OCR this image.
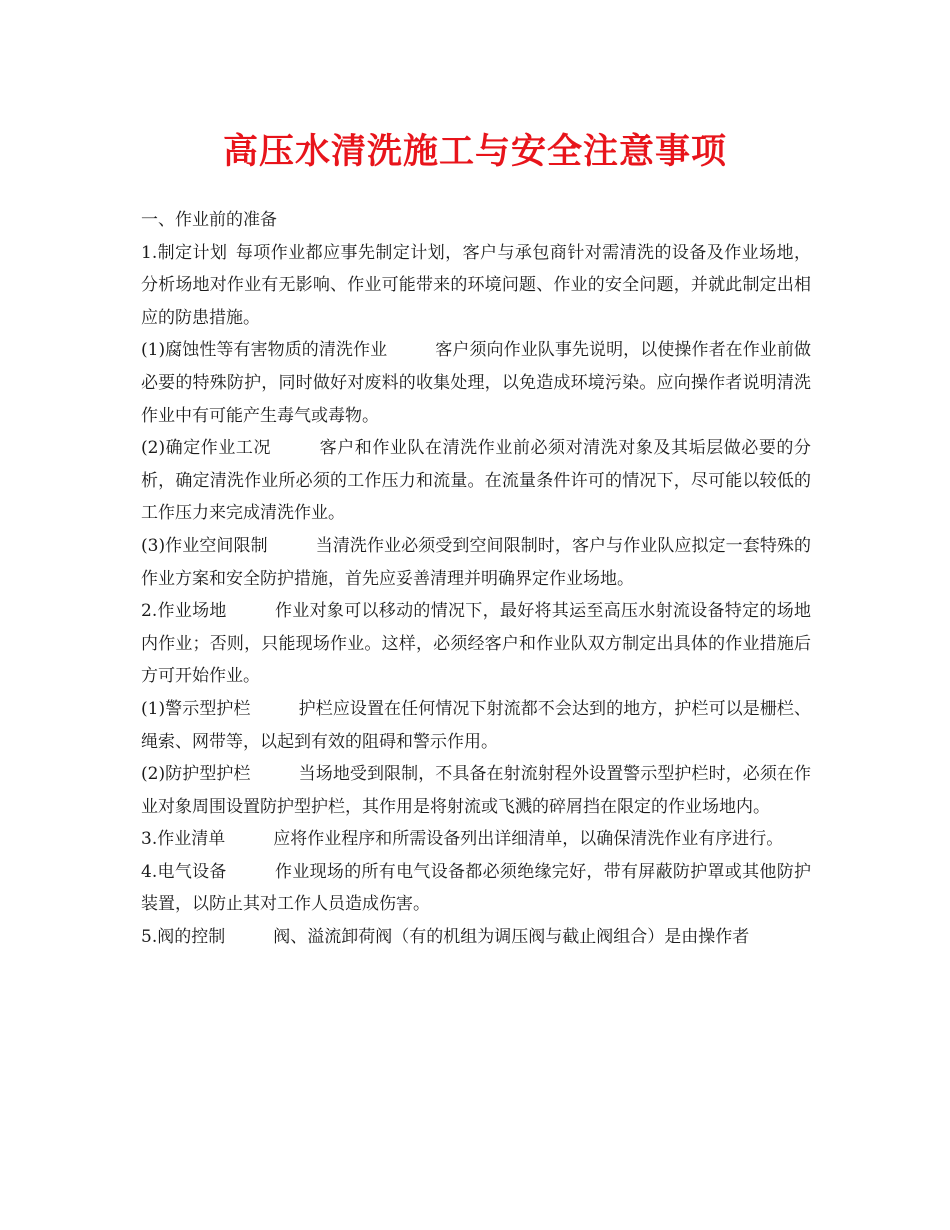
高压水清洗施工与安全注意事项

一、作业前的准备

1.制定计划 每项作业都应事先制定计划，客户与承包商针对需清洗的设备及作业场地，分析场地对作业有无影响、作业可能带来的环境问题、作业的安全问题，并就此制定出相应的防患措施。

(1)腐蚀性等有害物质的清洗作业	客户须向作业队事先说明，以使操作者在作业前做必要的特殊防护，同时做好对废料的收集处理，以免造成环境污染。应向操作者说明清洗作业中有可能产生毒气或毒物。

(2)确定作业工况	客户和作业队在清洗作业前必须对清洗对象及其垢层做必要的分析，确定清洗作业所必须的工作压力和流量。在流量条件许可的情况下，尽可能以较低的工作压力来完成清洗作业。

(3)作业空间限制	当清洗作业必须受到空间限制时，客户与作业队应拟定一套特殊的作业方案和安全防护措施，首先应妥善清理并明确界定作业场地。

2.作业场地	作业对象可以移动的情况下，最好将其运至高压水射流设备特定的场地内作业；否则，只能现场作业。这样，必须经客户和作业队双方制定出具体的作业措施后方可开始作业。

(1)警示型护栏	护栏应设置在任何情况下射流都不会达到的地方，护栏可以是栅栏、绳索、网带等，以起到有效的阻碍和警示作用。

(2)防护型护栏	当场地受到限制，不具备在射流射程外设置警示型护栏时，必须在作业对象周围设置防护型护栏，其作用是将射流或飞溅的碎屑挡在限定的作业场地内。

3.作业清单	应将作业程序和所需设备列出详细清单，以确保清洗作业有序进行。

4.电气设备	作业现场的所有电气设备都必须绝缘完好，带有屏蔽防护罩或其他防护装置，以防止其对工作人员造成伤害。

5.阀的控制	阀、溢流卸荷阀（有的机组为调压阀与截止阀组合）是由操作者
